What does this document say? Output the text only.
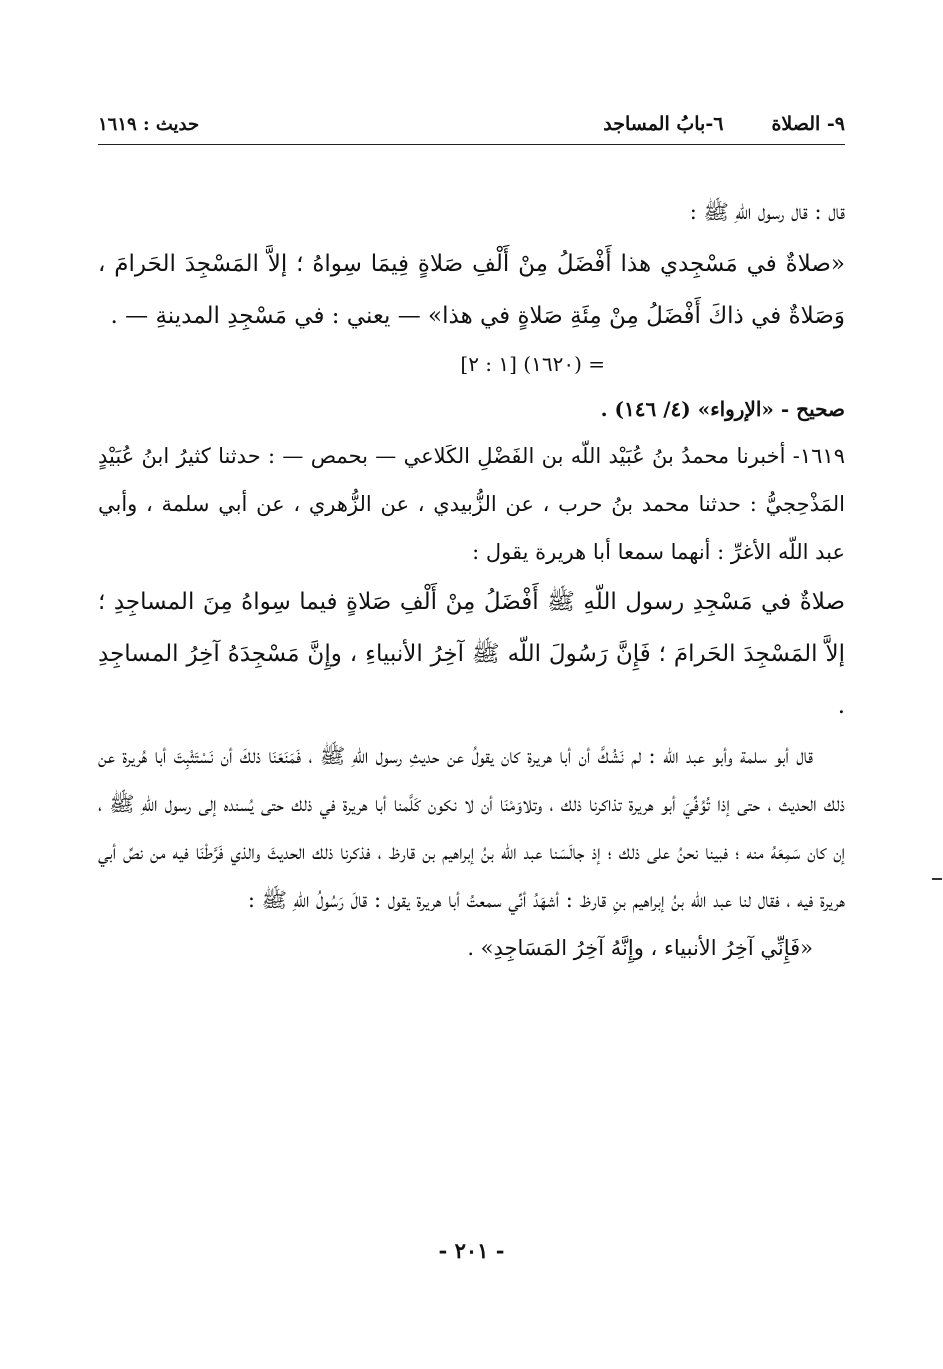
٩- الصلاة
٦-بابُ المساجد
حديث : ١٦١٩

قال : قال رسول اللّهِ ﷺ :

«صلاةٌ في مَسْجِدي هذا أَفْضَلُ مِنْ أَلْفِ صَلاةٍ فِيمَا سِواهُ ؛ إلاَّ المَسْجِدَ الحَرامَ ، وَصَلاةٌ في ذاكَ أَفْضَلُ مِنْ مِئَةِ صَلاةٍ في هذا» — يعني : في مَسْجِدِ المدينةِ — .

= (١٦٢٠) [١ : ٢]

صحيح - «الإرواء» (٤/ ١٤٦) .

١٦١٩- أخبرنا محمدُ بنُ عُبَيْد اللّه بن الفَضْلِ الكَلاعي — بحمص — : حدثنا كثيرُ ابنُ عُبَيْدٍ المَذْحِجيُّ : حدثنا محمد بنُ حرب ، عن الزُّبيدي ، عن الزُّهري ، عن أبي سلمة ، وأبي عبد اللّه الأغرِّ : أنهما سمعا أبا هريرة يقول :

صلاةٌ في مَسْجِدِ رسول اللّهِ ﷺ أَفْضَلُ مِنْ أَلْفِ صَلاةٍ فيما سِواهُ مِنَ المساجِدِ ؛ إلاَّ المَسْجِدَ الحَرامَ ؛ فَإِنَّ رَسُولَ اللّه ﷺ آخِرُ الأنبياءِ ، وإِنَّ مَسْجِدَهُ آخِرُ المساجِدِ .

قال أبو سلمة وأبو عبد اللّه : لم نَشُكَّ أن أبا هريرة كان يقولُ عن حديثِ رسول اللّهِ ﷺ ، فَمَنَعَنَا ذلكَ أن نَسْتَثْبِتَ أبا هُريرة عن ذلك الحديث ، حتى إذا تُوُفِّيَ أبو هريرة تذاكرنا ذلك ، وتلاوَمْنَا أن لا نكون كَلَّمنا أبا هريرة في ذلك حتى يُسنده إلى رسول اللّهِ ﷺ ، إن كان سَمِعَهُ منه ؛ فبينا نحنُ على ذلك ؛ إذ جالَسَنا عبد اللّه بنُ إبراهيم بن قارظ ، فذكرنا ذلك الحديثَ والذي فَرَّطْنَا فيه من نصِّ أبي هريرة فيه ، فقال لنا عبد اللّه بنُ إبراهيم بنِ قارظ : أشهَدُ أنِّي سمعتُ أبا هريرة يقول : قالَ رَسُولُ اللّهِ ﷺ :

«فَإِنِّي آخِرُ الأنبياء ، وإِنَّهُ آخِرُ المَسَاجِدِ» .

- ٢٠١ -
